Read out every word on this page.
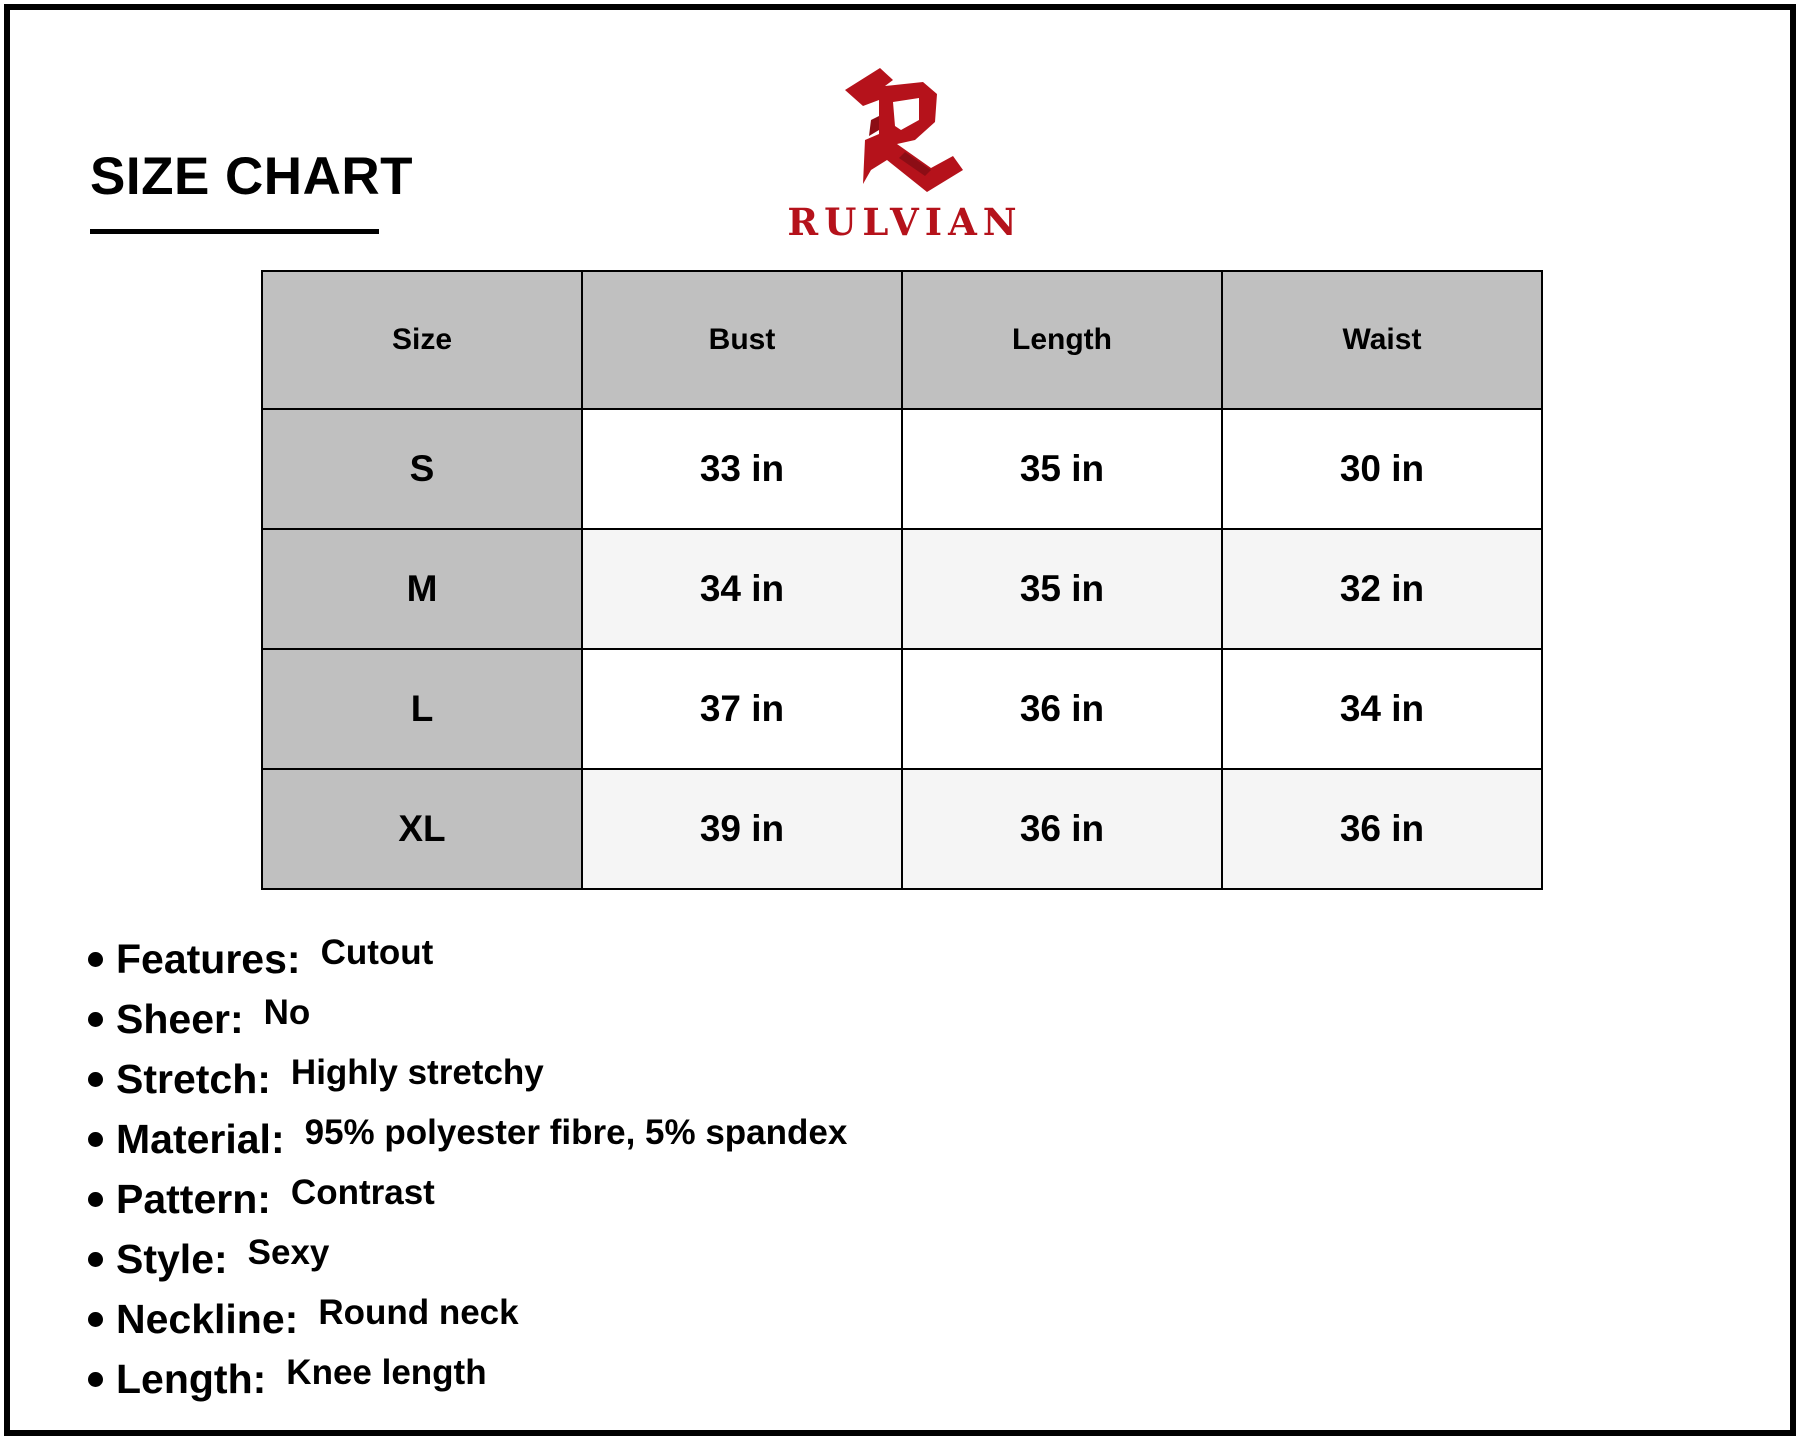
SIZE CHART
RULVIAN
Size	Bust	Length	Waist
S	33 in	35 in	30 in
M	34 in	35 in	32 in
L	37 in	36 in	34 in
XL	39 in	36 in	36 in
Features: Cutout
Sheer: No
Stretch: Highly stretchy
Material: 95% polyester fibre, 5% spandex
Pattern: Contrast
Style: Sexy
Neckline: Round neck
Length: Knee length
